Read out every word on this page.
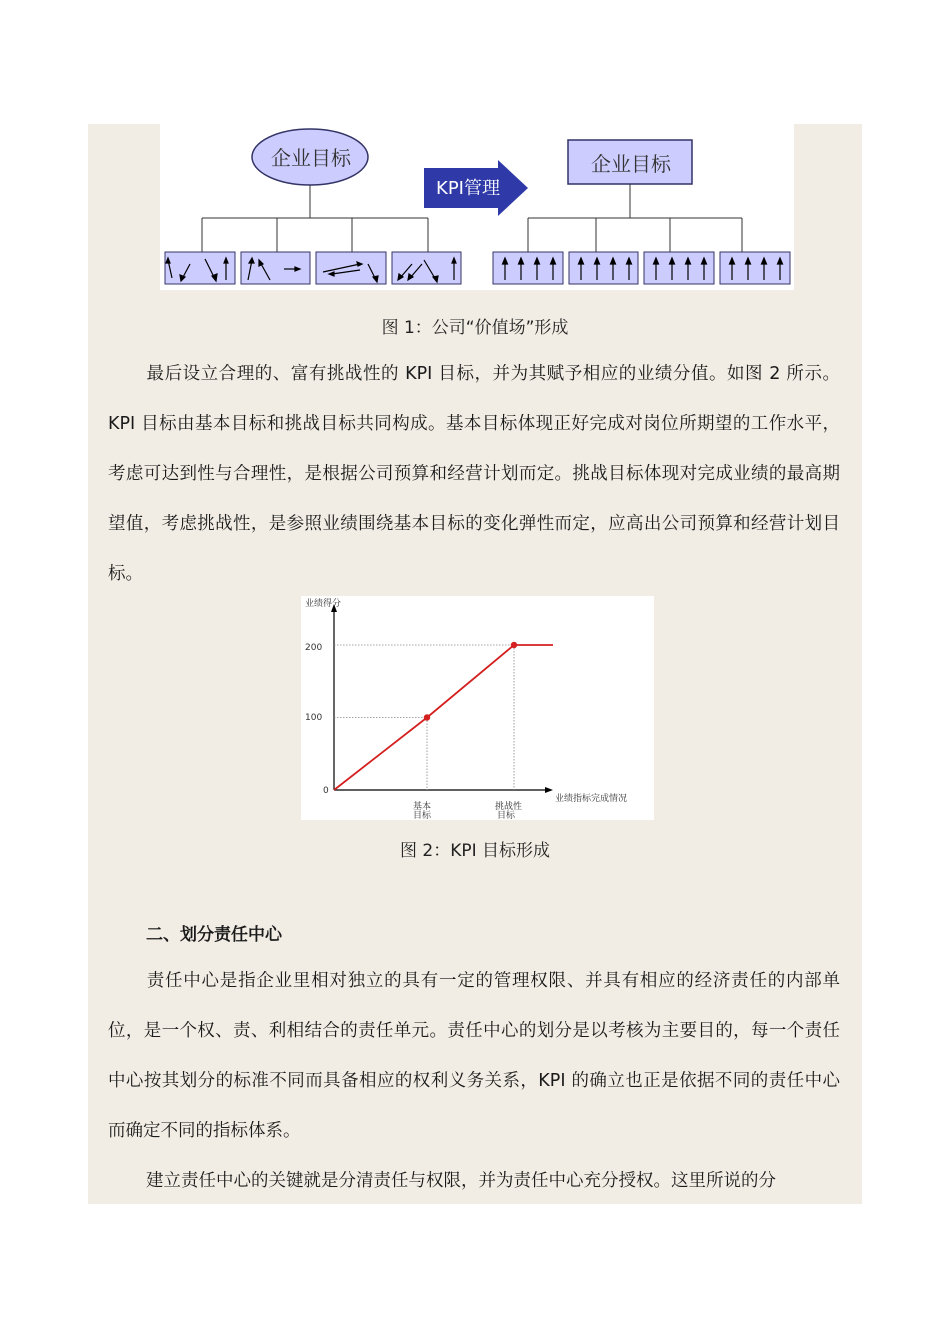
企业目标
KPI管理
企业目标
图 1：公司“价值场”形成

最后设立合理的、富有挑战性的 KPI 目标，并为其赋予相应的业绩分值。如图 2 所示。KPI 目标由基本目标和挑战目标共同构成。基本目标体现正好完成对岗位所期望的工作水平，考虑可达到性与合理性，是根据公司预算和经营计划而定。挑战目标体现对完成业绩的最高期望值，考虑挑战性，是参照业绩围绕基本目标的变化弹性而定，应高出公司预算和经营计划目标。

业绩得分
业绩指标完成情况
200
100
0
基本
目标
挑战性
目标
图 2：KPI 目标形成
二、划分责任中心

责任中心是指企业里相对独立的具有一定的管理权限、并具有相应的经济责任的内部单位，是一个权、责、利相结合的责任单元。责任中心的划分是以考核为主要目的，每一个责任中心按其划分的标准不同而具备相应的权利义务关系，KPI 的确立也正是依据不同的责任中心而确定不同的指标体系。

建立责任中心的关键就是分清责任与权限，并为责任中心充分授权。这里所说的分
